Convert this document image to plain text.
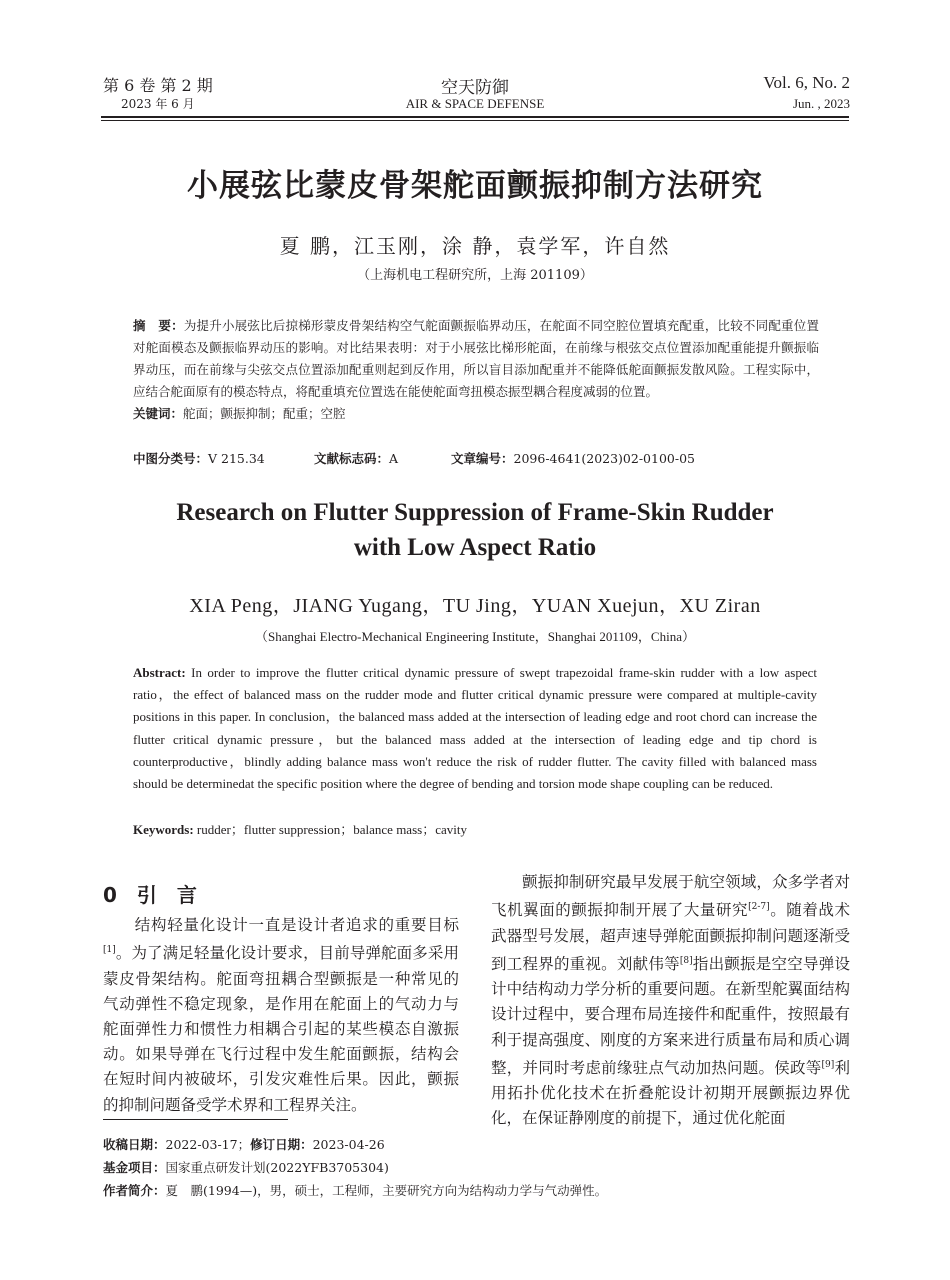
第 6 卷 第 2 期
2023 年 6 月
空天防御
AIR & SPACE DEFENSE
Vol. 6, No. 2
Jun. , 2023
小展弦比蒙皮骨架舵面颤振抑制方法研究
夏 鹏，江玉刚，涂 静，袁学军，许自然
（上海机电工程研究所，上海 201109）
摘　要：为提升小展弦比后掠梯形蒙皮骨架结构空气舵面颤振临界动压，在舵面不同空腔位置填充配重，比较不同配重位置对舵面模态及颤振临界动压的影响。对比结果表明：对于小展弦比梯形舵面，在前缘与根弦交点位置添加配重能提升颤振临界动压，而在前缘与尖弦交点位置添加配重则起到反作用，所以盲目添加配重并不能降低舵面颤振发散风险。工程实际中，应结合舵面原有的模态特点，将配重填充位置选在能使舵面弯扭模态振型耦合程度减弱的位置。
关键词：舵面；颤振抑制；配重；空腔
中图分类号：V 215.34	文献标志码：A	文章编号：2096-4641(2023)02-0100-05
Research on Flutter Suppression of Frame-Skin Rudder
with Low Aspect Ratio
XIA Peng，JIANG Yugang，TU Jing，YUAN Xuejun，XU Ziran
（Shanghai Electro-Mechanical Engineering Institute，Shanghai 201109，China）
Abstract: In order to improve the flutter critical dynamic pressure of swept trapezoidal frame-skin rudder with a low aspect ratio，the effect of balanced mass on the rudder mode and flutter critical dynamic pressure were compared at multiple-cavity positions in this paper. In conclusion，the balanced mass added at the intersection of leading edge and root chord can increase the flutter critical dynamic pressure，but the balanced mass added at the intersection of leading edge and tip chord is counterproductive，blindly adding balance mass won't reduce the risk of rudder flutter. The cavity filled with balanced mass should be determinedat the specific position where the degree of bending and torsion mode shape coupling can be reduced.
Keywords: rudder；flutter suppression；balance mass；cavity
0 引　言
结构轻量化设计一直是设计者追求的重要目标[1]。为了满足轻量化设计要求，目前导弹舵面多采用蒙皮骨架结构。舵面弯扭耦合型颤振是一种常见的气动弹性不稳定现象，是作用在舵面上的气动力与舵面弹性力和惯性力相耦合引起的某些模态自激振动。如果导弹在飞行过程中发生舵面颤振，结构会在短时间内被破坏，引发灾难性后果。因此，颤振的抑制问题备受学术界和工程界关注。
颤振抑制研究最早发展于航空领域，众多学者对飞机翼面的颤振抑制开展了大量研究[2-7]。随着战术武器型号发展，超声速导弹舵面颤振抑制问题逐渐受到工程界的重视。刘献伟等[8]指出颤振是空空导弹设计中结构动力学分析的重要问题。在新型舵翼面结构设计过程中，要合理布局连接件和配重件，按照最有利于提高强度、刚度的方案来进行质量布局和质心调整，并同时考虑前缘驻点气动加热问题。侯政等[9]利用拓扑优化技术在折叠舵设计初期开展颤振边界优化，在保证静刚度的前提下，通过优化舵面
收稿日期：2022-03-17；修订日期：2023-04-26
基金项目：国家重点研发计划(2022YFB3705304)
作者简介：夏　鹏(1994—)，男，硕士，工程师，主要研究方向为结构动力学与气动弹性。
